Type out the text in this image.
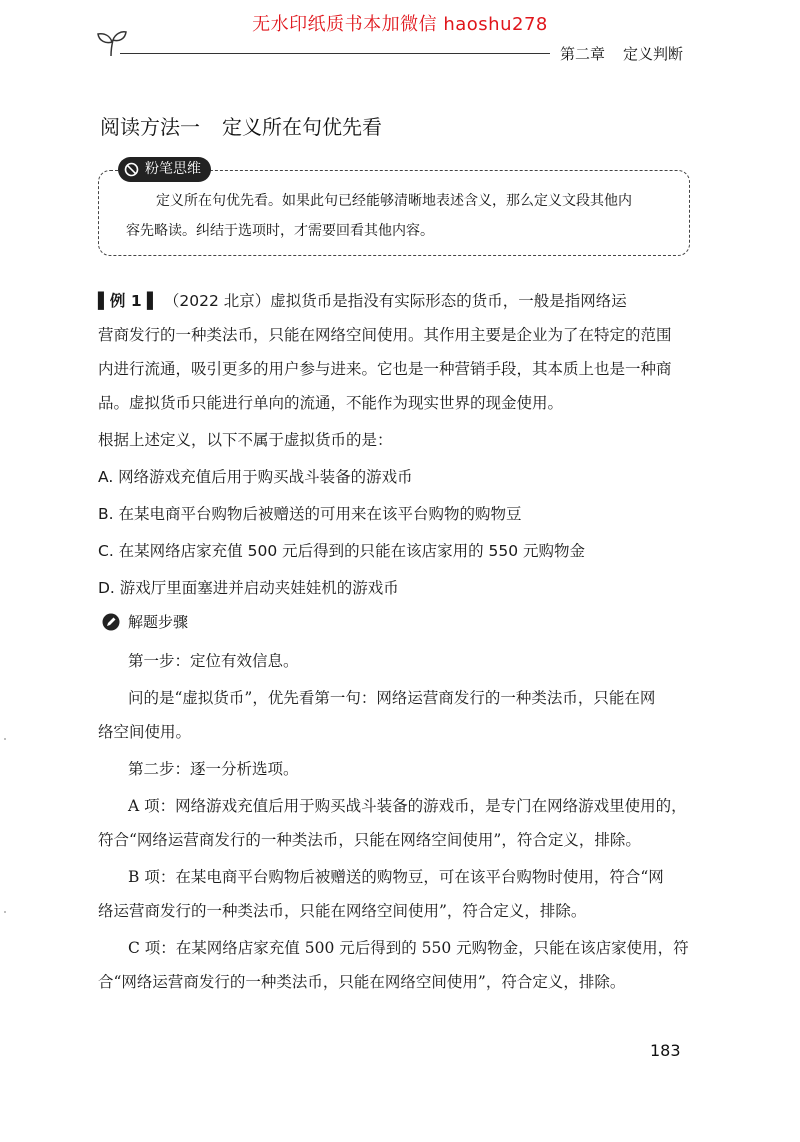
无水印纸质书本加微信 haoshu278
第二章 定义判断
阅读方法一 定义所在句优先看
粉笔思维

定义所在句优先看。如果此句已经能够清晰地表述含义，那么定义文段其他内

容先略读。纠结于选项时，才需要回看其他内容。

▌例 1 ▌ （2022 北京）虚拟货币是指没有实际形态的货币，一般是指网络运
营商发行的一种类法币，只能在网络空间使用。其作用主要是企业为了在特定的范围
内进行流通，吸引更多的用户参与进来。它也是一种营销手段，其本质上也是一种商
品。虚拟货币只能进行单向的流通，不能作为现实世界的现金使用。
根据上述定义，以下不属于虚拟货币的是：
A. 网络游戏充值后用于购买战斗装备的游戏币
B. 在某电商平台购物后被赠送的可用来在该平台购物的购物豆
C. 在某网络店家充值 500 元后得到的只能在该店家用的 550 元购物金
D. 游戏厅里面塞进并启动夹娃娃机的游戏币
解题步骤
第一步：定位有效信息。
问的是“虚拟货币”，优先看第一句：网络运营商发行的一种类法币，只能在网
络空间使用。
第二步：逐一分析选项。
A 项：网络游戏充值后用于购买战斗装备的游戏币，是专门在网络游戏里使用的，
符合“网络运营商发行的一种类法币，只能在网络空间使用”，符合定义，排除。
B 项：在某电商平台购物后被赠送的购物豆，可在该平台购物时使用，符合“网
络运营商发行的一种类法币，只能在网络空间使用”，符合定义，排除。
C 项：在某网络店家充值 500 元后得到的 550 元购物金，只能在该店家使用，符
合“网络运营商发行的一种类法币，只能在网络空间使用”，符合定义，排除。
183
